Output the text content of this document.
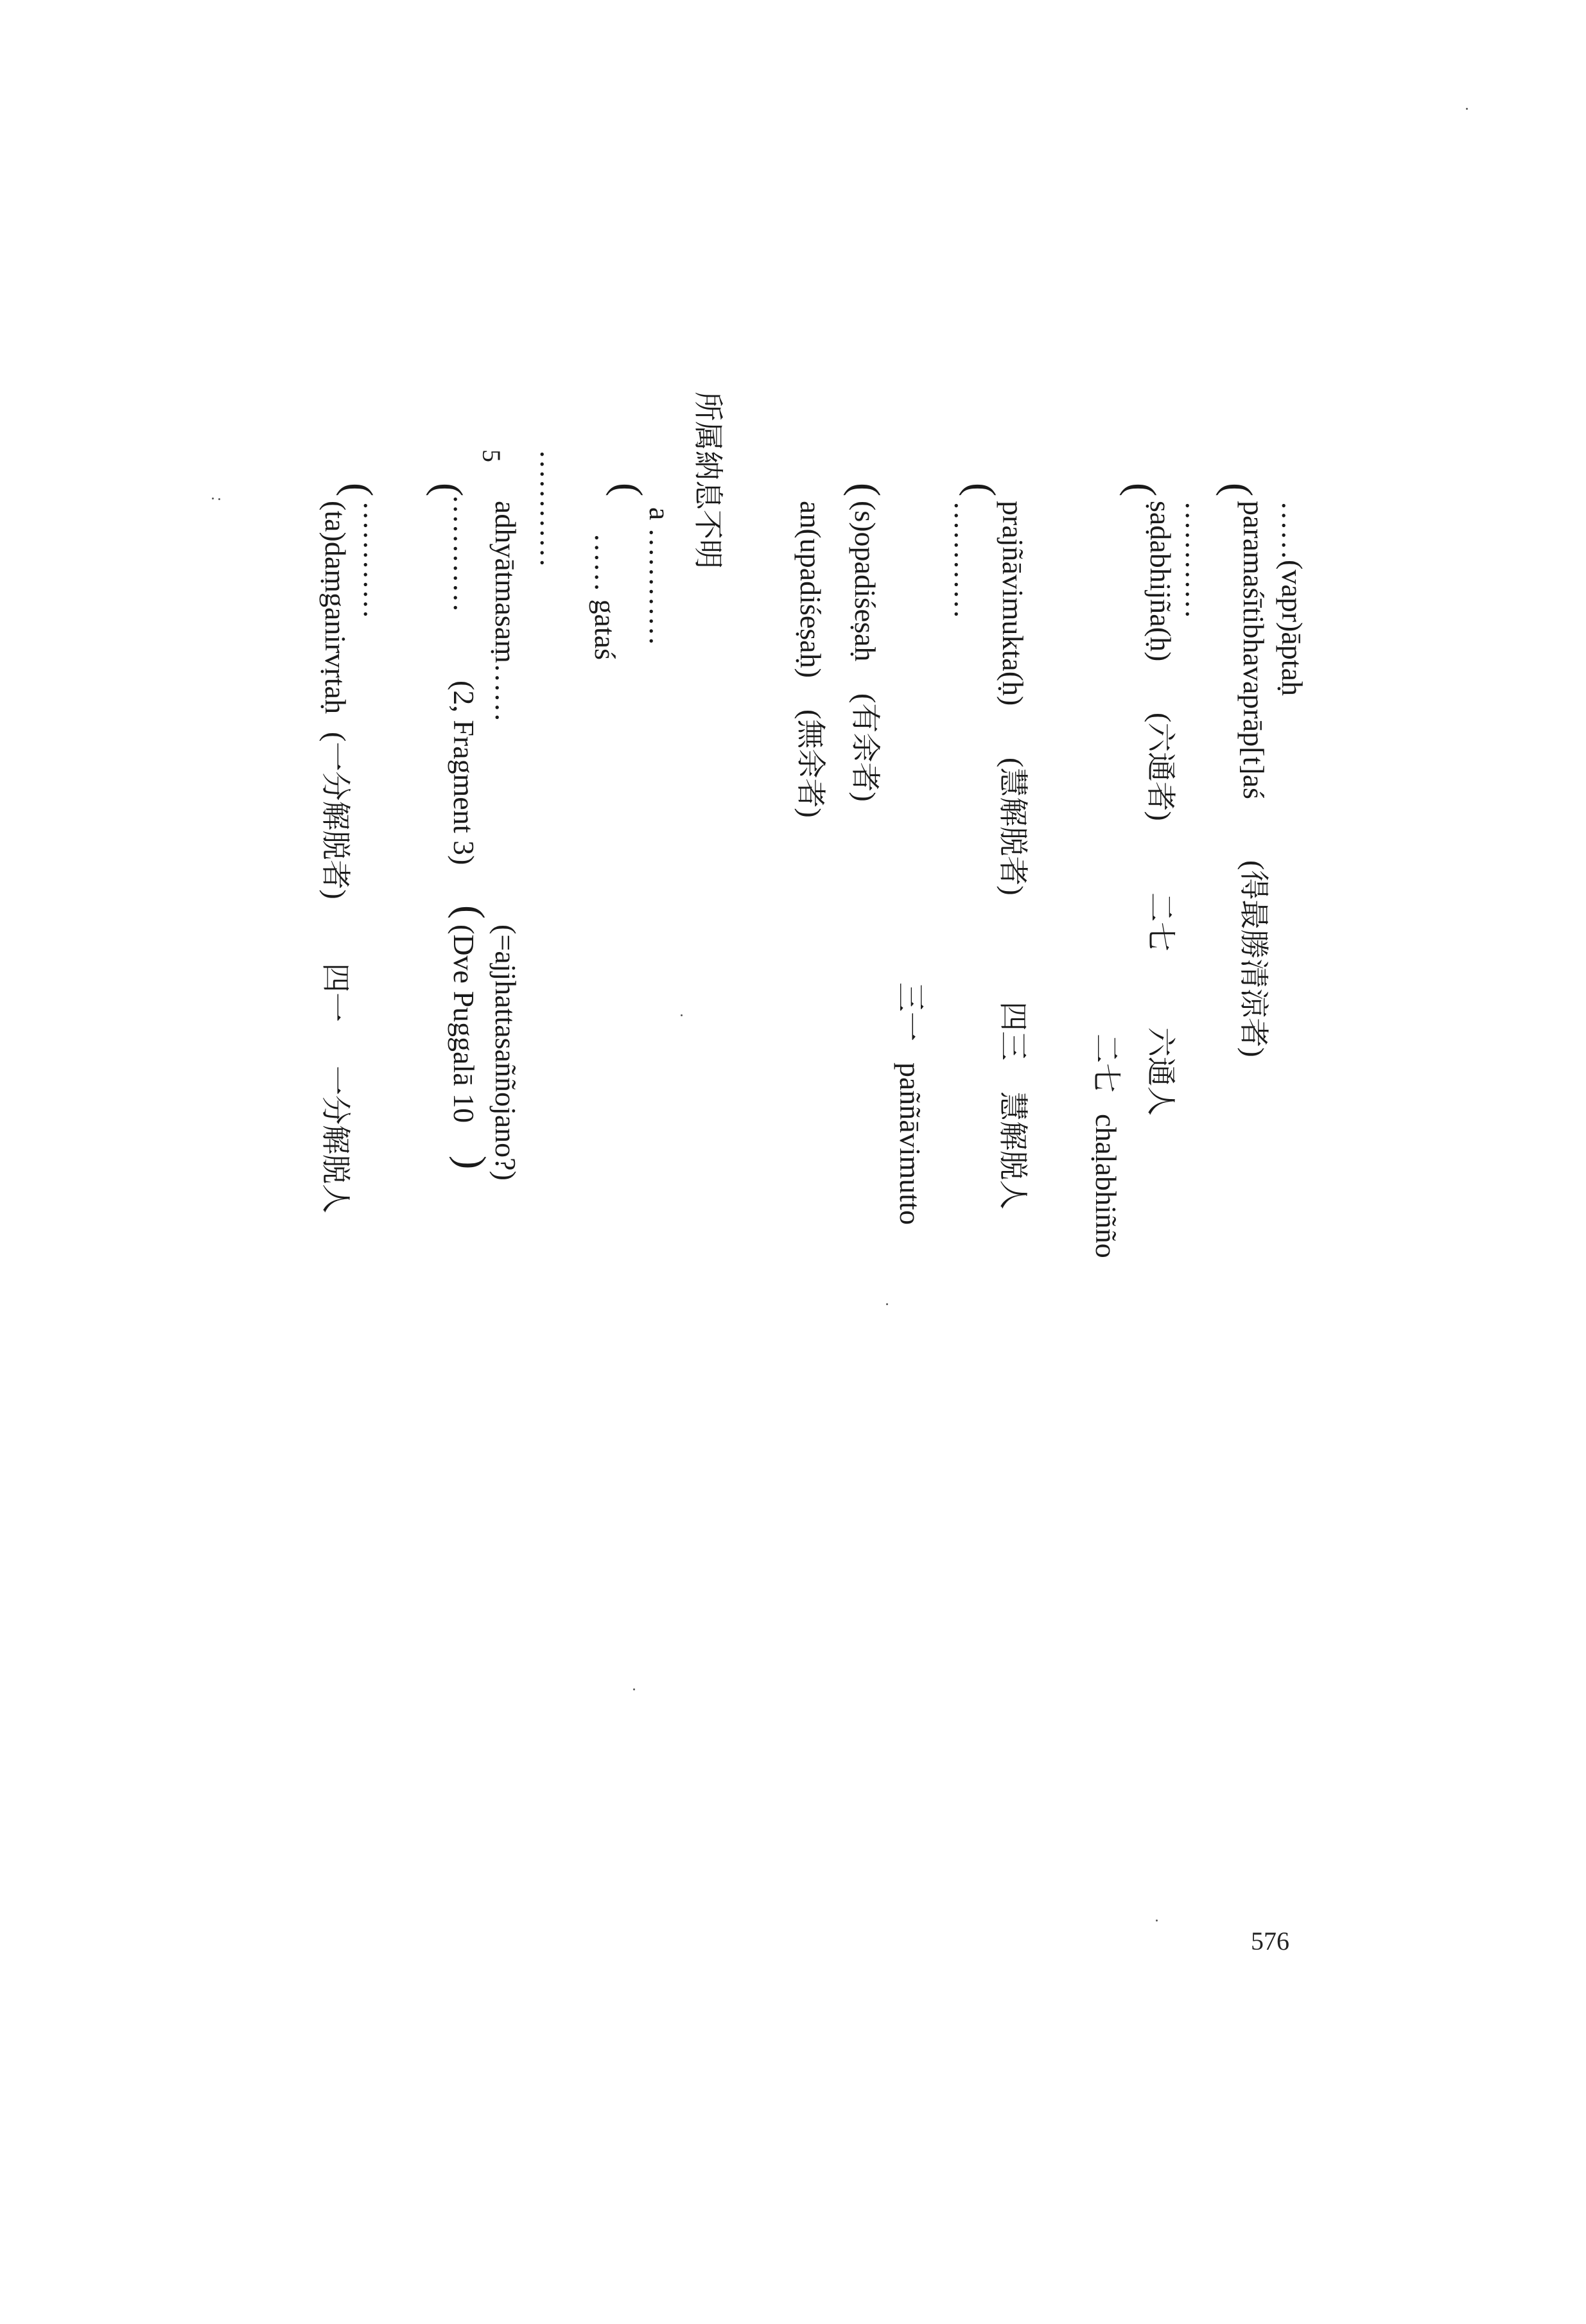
(
(
(
(
(
(
(
(
)
……(vapr)āptaḥ
paramaśītibhavaprāp[t]aś
(得最勝清涼者)
…………
ṣaḍabhijña(ḥ)
(六通者)
二七
六通人
二七
chaḷabhiñño
prajñāvimukta(ḥ)
(慧解脱者)
四三
慧解脱人
…………
三一
paññāvimutto
(s)opadiśeṣaḥ
(有余者)
an(upadiśeṣaḥ)
(無余者)
所属納息不明
a …………
…… gataś
…………
adhyātmasaṃ……
(=ajjhattasaññojano?)
5
…………
(2, Fragment 3)
(Dve Puggalā 10
…………
(ta)daṃganirvṛtaḥ
(一分解脱者)
四一
一分解脱人
576
